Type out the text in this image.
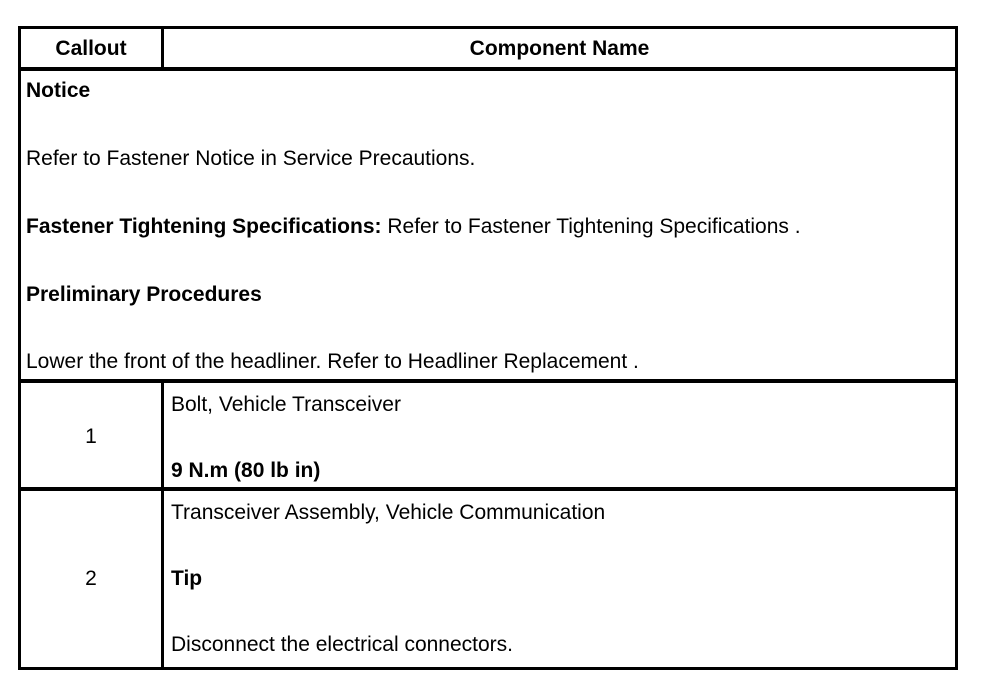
Callout	Component Name
Notice
Refer to Fastener Notice in Service Precautions.
Fastener Tightening Specifications: Refer to Fastener Tightening Specifications .
Preliminary Procedures
Lower the front of the headliner. Refer to Headliner Replacement .
1
Bolt, Vehicle Transceiver
9 N.m (80 lb in)
2
Transceiver Assembly, Vehicle Communication
Tip
Disconnect the electrical connectors.
